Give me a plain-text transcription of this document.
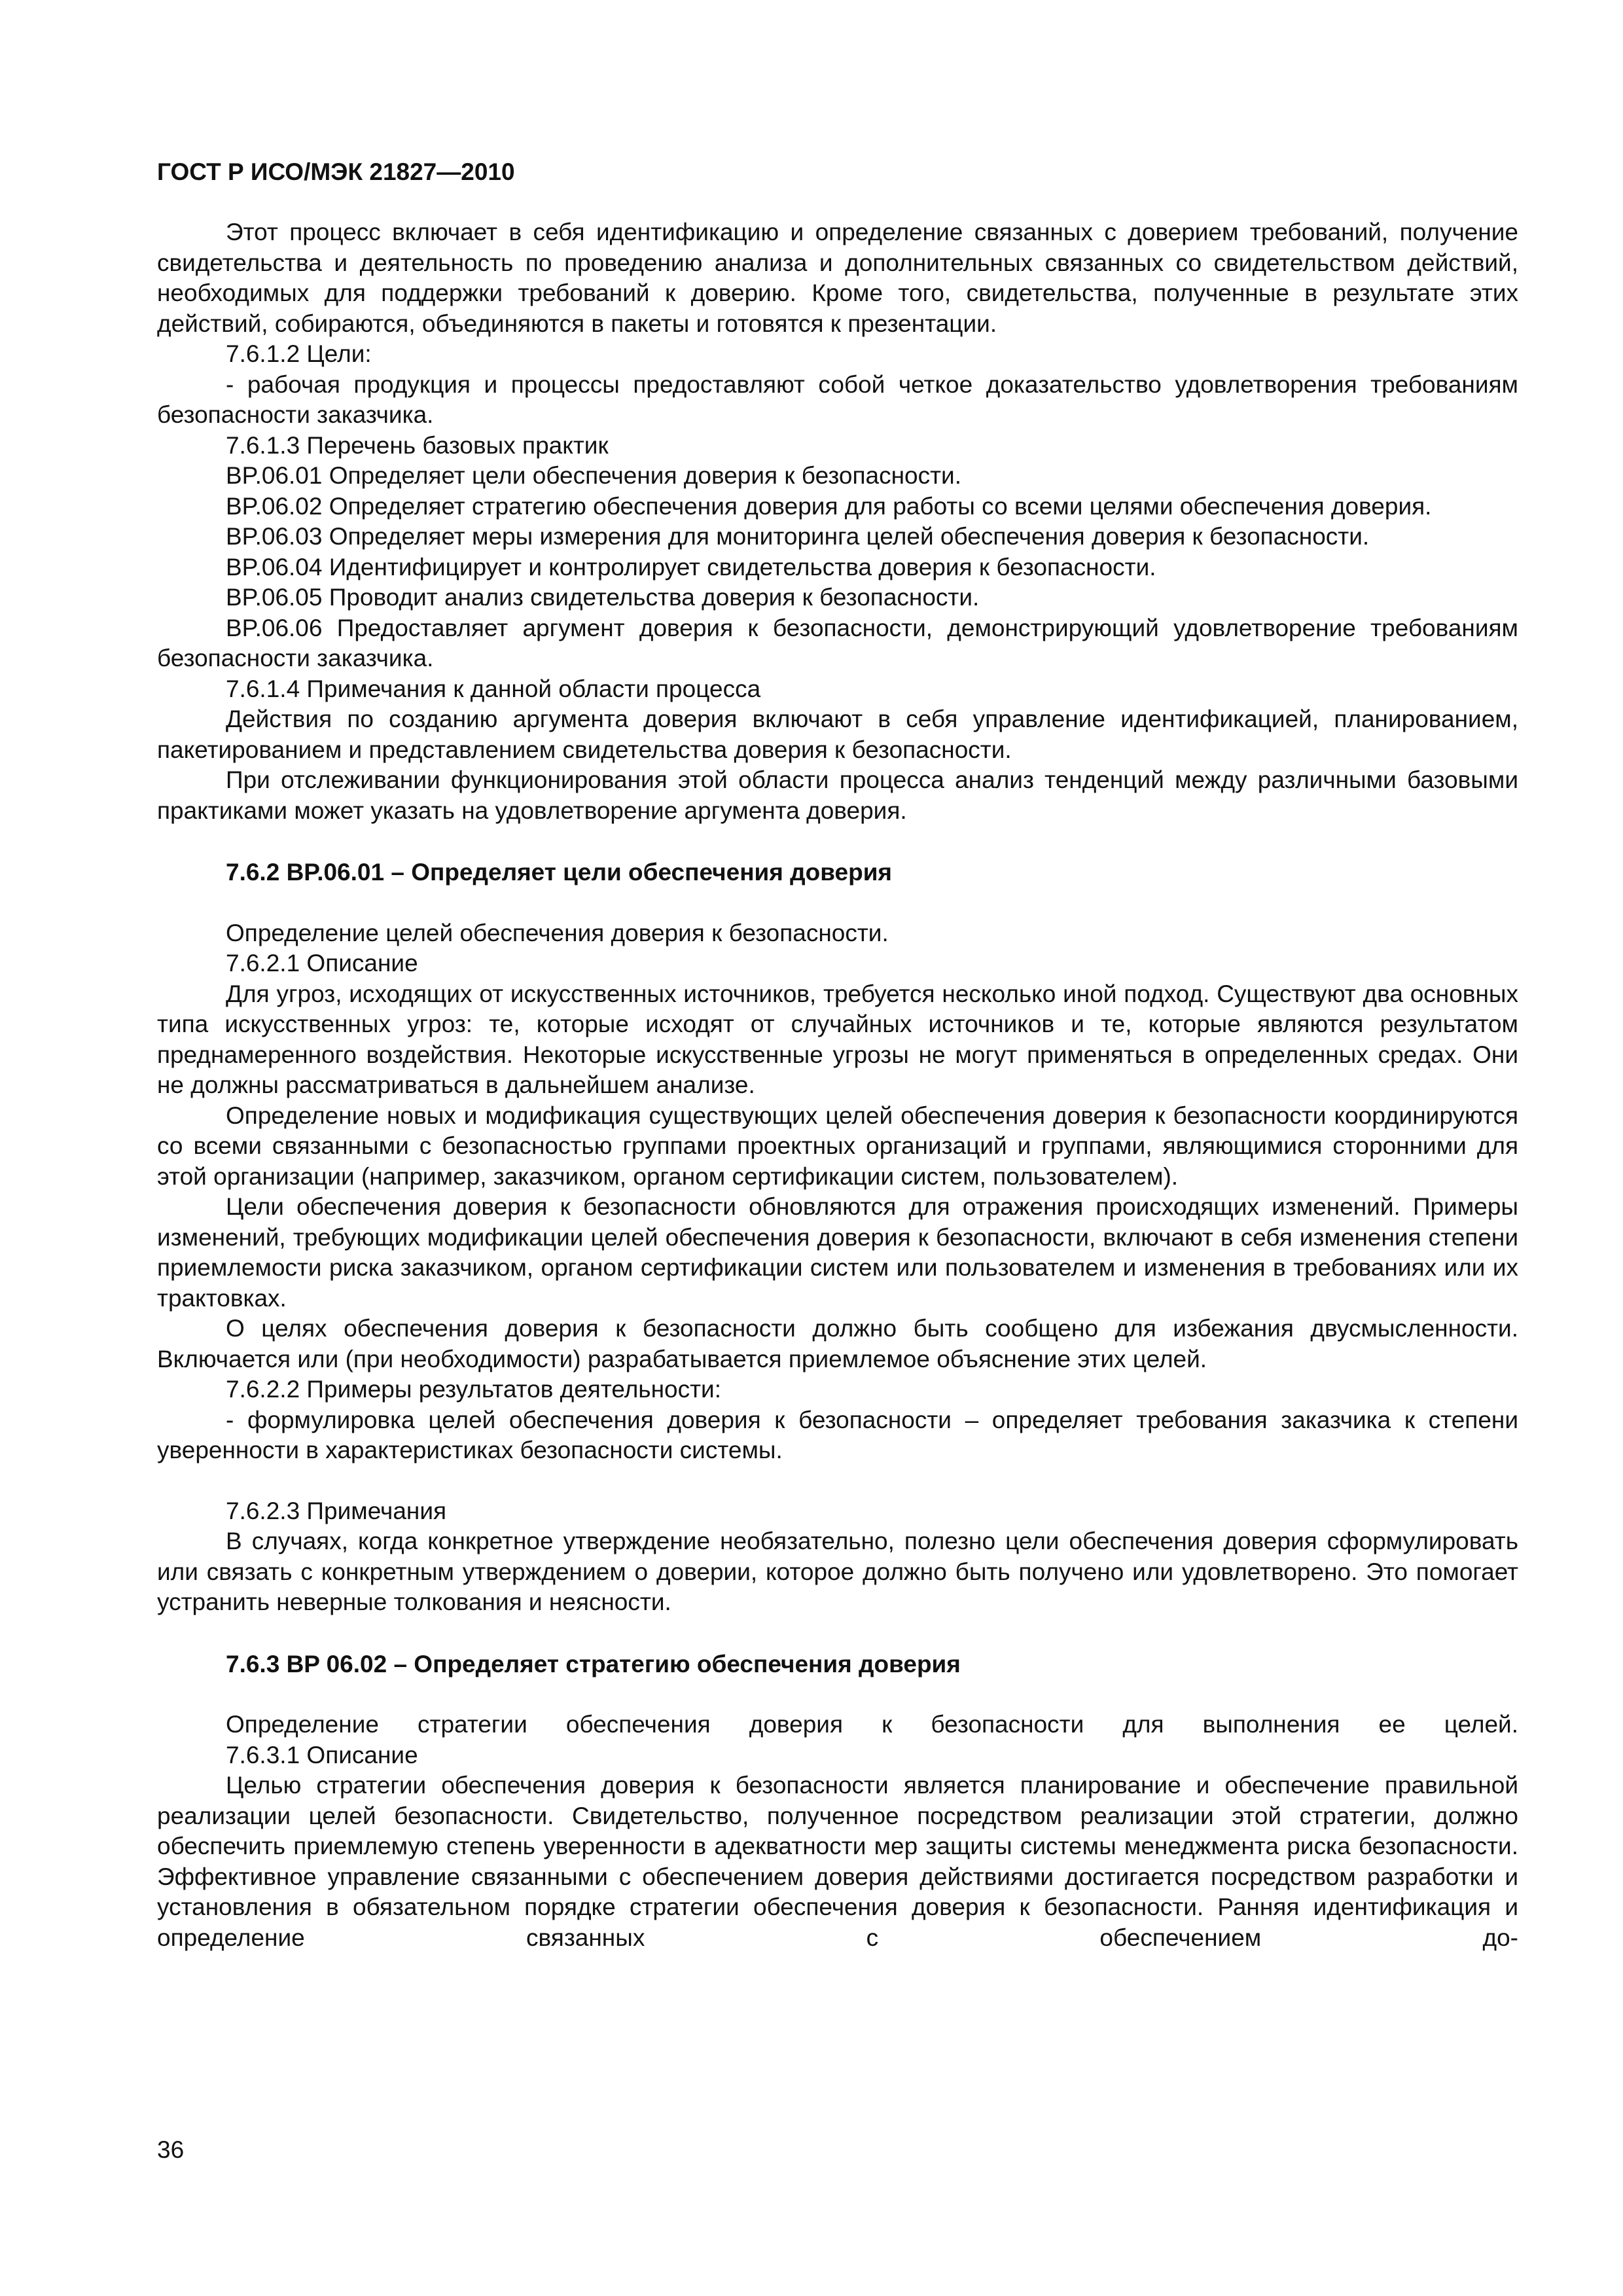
ГОСТ Р ИСО/МЭК 21827—2010

Этот процесс включает в себя идентификацию и определение связанных с доверием требований, получение свидетельства и деятельность по проведению анализа и дополнительных связанных со свидетельством действий, необходимых для поддержки требований к доверию. Кроме того, свидетельства, полученные в результате этих действий, собираются, объединяются в пакеты и готовятся к презентации.

7.6.1.2 Цели:

- рабочая продукция и процессы предоставляют собой четкое доказательство удовлетворения требованиям безопасности заказчика.

7.6.1.3 Перечень базовых практик

BP.06.01 Определяет цели обеспечения доверия к безопасности.

BP.06.02 Определяет стратегию обеспечения доверия для работы со всеми целями обеспечения доверия.

BP.06.03 Определяет меры измерения для мониторинга целей обеспечения доверия к безопасности.

BP.06.04 Идентифицирует и контролирует свидетельства доверия к безопасности.

BP.06.05 Проводит анализ свидетельства доверия к безопасности.

BP.06.06 Предоставляет аргумент доверия к безопасности, демонстрирующий удовлетворение требованиям безопасности заказчика.

7.6.1.4 Примечания к данной области процесса

Действия по созданию аргумента доверия включают в себя управление идентификацией, планированием, пакетированием и представлением свидетельства доверия к безопасности.

При отслеживании функционирования этой области процесса анализ тенденций между различными базовыми практиками может указать на удовлетворение аргумента доверия.

7.6.2 BP.06.01 – Определяет цели обеспечения доверия

Определение целей обеспечения доверия к безопасности.

7.6.2.1 Описание

Для угроз, исходящих от искусственных источников, требуется несколько иной подход. Существуют два основных типа искусственных угроз: те, которые исходят от случайных источников и те, которые являются результатом преднамеренного воздействия. Некоторые искусственные угрозы не могут применяться в определенных средах. Они не должны рассматриваться в дальнейшем анализе.

Определение новых и модификация существующих целей обеспечения доверия к безопасности координируются со всеми связанными с безопасностью группами проектных организаций и группами, являющимися сторонними для этой организации (например, заказчиком, органом сертификации систем, пользователем).

Цели обеспечения доверия к безопасности обновляются для отражения происходящих изменений. Примеры изменений, требующих модификации целей обеспечения доверия к безопасности, включают в себя изменения степени приемлемости риска заказчиком, органом сертификации систем или пользователем и изменения в требованиях или их трактовках.

О целях обеспечения доверия к безопасности должно быть сообщено для избежания двусмысленности. Включается или (при необходимости) разрабатывается приемлемое объяснение этих целей.

7.6.2.2 Примеры результатов деятельности:

- формулировка целей обеспечения доверия к безопасности – определяет требования заказчика к степени уверенности в характеристиках безопасности системы.

7.6.2.3 Примечания

В случаях, когда конкретное утверждение необязательно, полезно цели обеспечения доверия сформулировать или связать с конкретным утверждением о доверии, которое должно быть получено или удовлетворено. Это помогает устранить неверные толкования и неясности.

7.6.3 BP 06.02 – Определяет стратегию обеспечения доверия

Определение стратегии обеспечения доверия к безопасности для выполнения ее целей.

7.6.3.1 Описание

Целью стратегии обеспечения доверия к безопасности является планирование и обеспечение правильной реализации целей безопасности. Свидетельство, полученное посредством реализации этой стратегии, должно обеспечить приемлемую степень уверенности в адекватности мер защиты системы менеджмента риска безопасности. Эффективное управление связанными с обеспечением доверия действиями достигается посредством разработки и установления в обязательном порядке стратегии обеспечения доверия к безопасности. Ранняя идентификация и определение связанных с обеспечением до-

36
